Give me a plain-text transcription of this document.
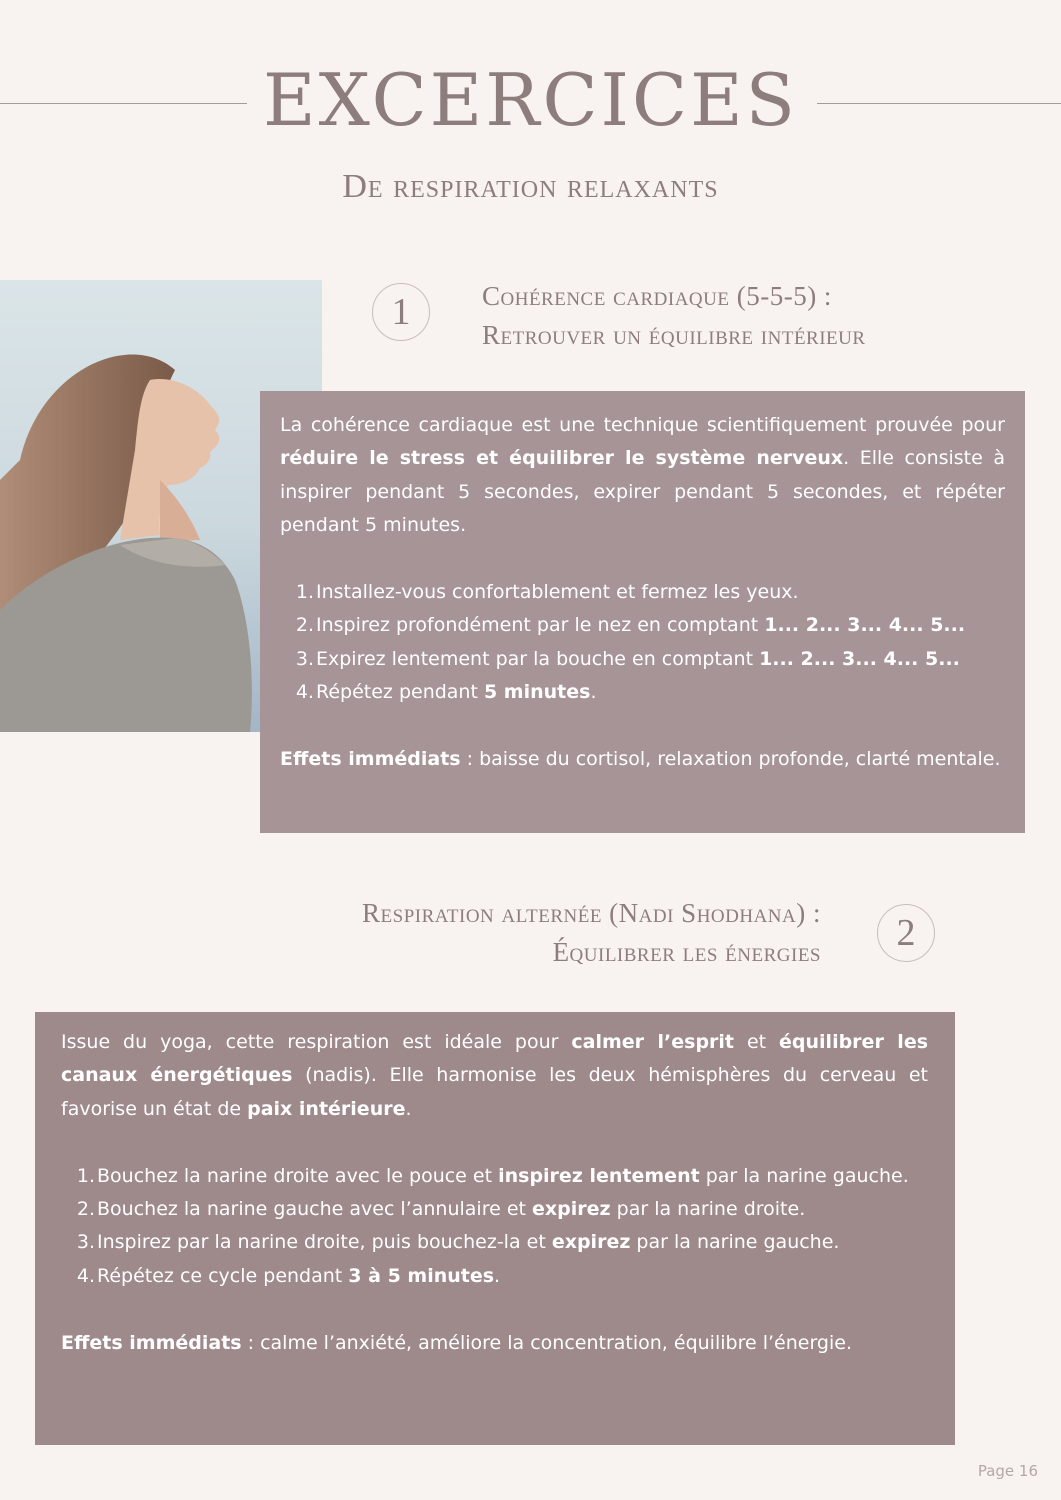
EXCERCICES
De respiration relaxants
1	Cohérence cardiaque (5-5-5) :
Retrouver un équilibre intérieur

La cohérence cardiaque est une technique scientifiquement prouvée pour réduire le stress et équilibrer le système nerveux. Elle consiste à inspirer pendant 5 secondes, expirer pendant 5 secondes, et répéter pendant 5 minutes.

1. Installez-vous confortablement et fermez les yeux.
2. Inspirez profondément par le nez en comptant 1... 2... 3... 4... 5...
3. Expirez lentement par la bouche en comptant 1... 2... 3... 4... 5...
4. Répétez pendant 5 minutes.

Effets immédiats : baisse du cortisol, relaxation profonde, clarté mentale.

Respiration alternée (Nadi Shodhana) :
Équilibrer les énergies	2

Issue du yoga, cette respiration est idéale pour calmer l’esprit et équilibrer les canaux énergétiques (nadis). Elle harmonise les deux hémisphères du cerveau et favorise un état de paix intérieure.

1. Bouchez la narine droite avec le pouce et inspirez lentement par la narine gauche.
2. Bouchez la narine gauche avec l’annulaire et expirez par la narine droite.
3. Inspirez par la narine droite, puis bouchez-la et expirez par la narine gauche.
4. Répétez ce cycle pendant 3 à 5 minutes.

Effets immédiats : calme l’anxiété, améliore la concentration, équilibre l’énergie.

Page 16
